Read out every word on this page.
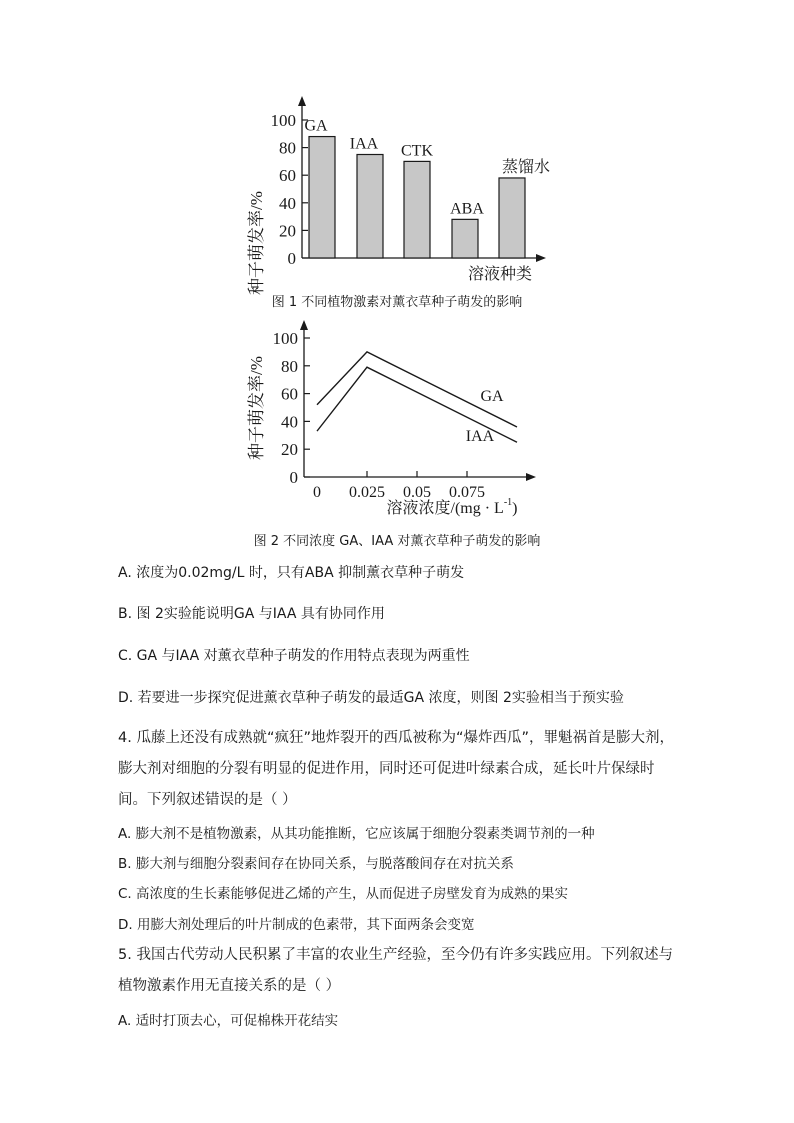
种子萌发率/%	溶液种类
0
20
40
60
80
100 GA
IAA CTK
ABA
蒸馏水
图 1 不同植物激素对薰衣草种子萌发的影响
种子萌发率/%
溶液浓度$/(mg \cdot L^{-1})$
0
20
40
60
80
100
0 0.025 0.05 0.075
GA
IAA
图 2 不同浓度 GA、IAA 对薰衣草种子萌发的影响
A. 浓度为0.02mg/L 时，只有ABA 抑制薰衣草种子萌发
B. 图 2实验能说明GA 与IAA 具有协同作用
C. GA 与IAA 对薰衣草种子萌发的作用特点表现为两重性
D. 若要进一步探究促进薰衣草种子萌发的最适GA 浓度，则图 2实验相当于预实验
4. 瓜藤上还没有成熟就“疯狂”地炸裂开的西瓜被称为“爆炸西瓜”，罪魁祸首是膨大剂，膨大剂对细胞的分裂有明显的促进作用，同时还可促进叶绿素合成，延长叶片保绿时间。下列叙述错误的是（ ）
A. 膨大剂不是植物激素，从其功能推断，它应该属于细胞分裂素类调节剂的一种
B. 膨大剂与细胞分裂素间存在协同关系，与脱落酸间存在对抗关系
C. 高浓度的生长素能够促进乙烯的产生，从而促进子房壁发育为成熟的果实
D. 用膨大剂处理后的叶片制成的色素带，其下面两条会变宽
5. 我国古代劳动人民积累了丰富的农业生产经验，至今仍有许多实践应用。下列叙述与植物激素作用无直接关系的是（ ）
A. 适时打顶去心，可促棉株开花结实
